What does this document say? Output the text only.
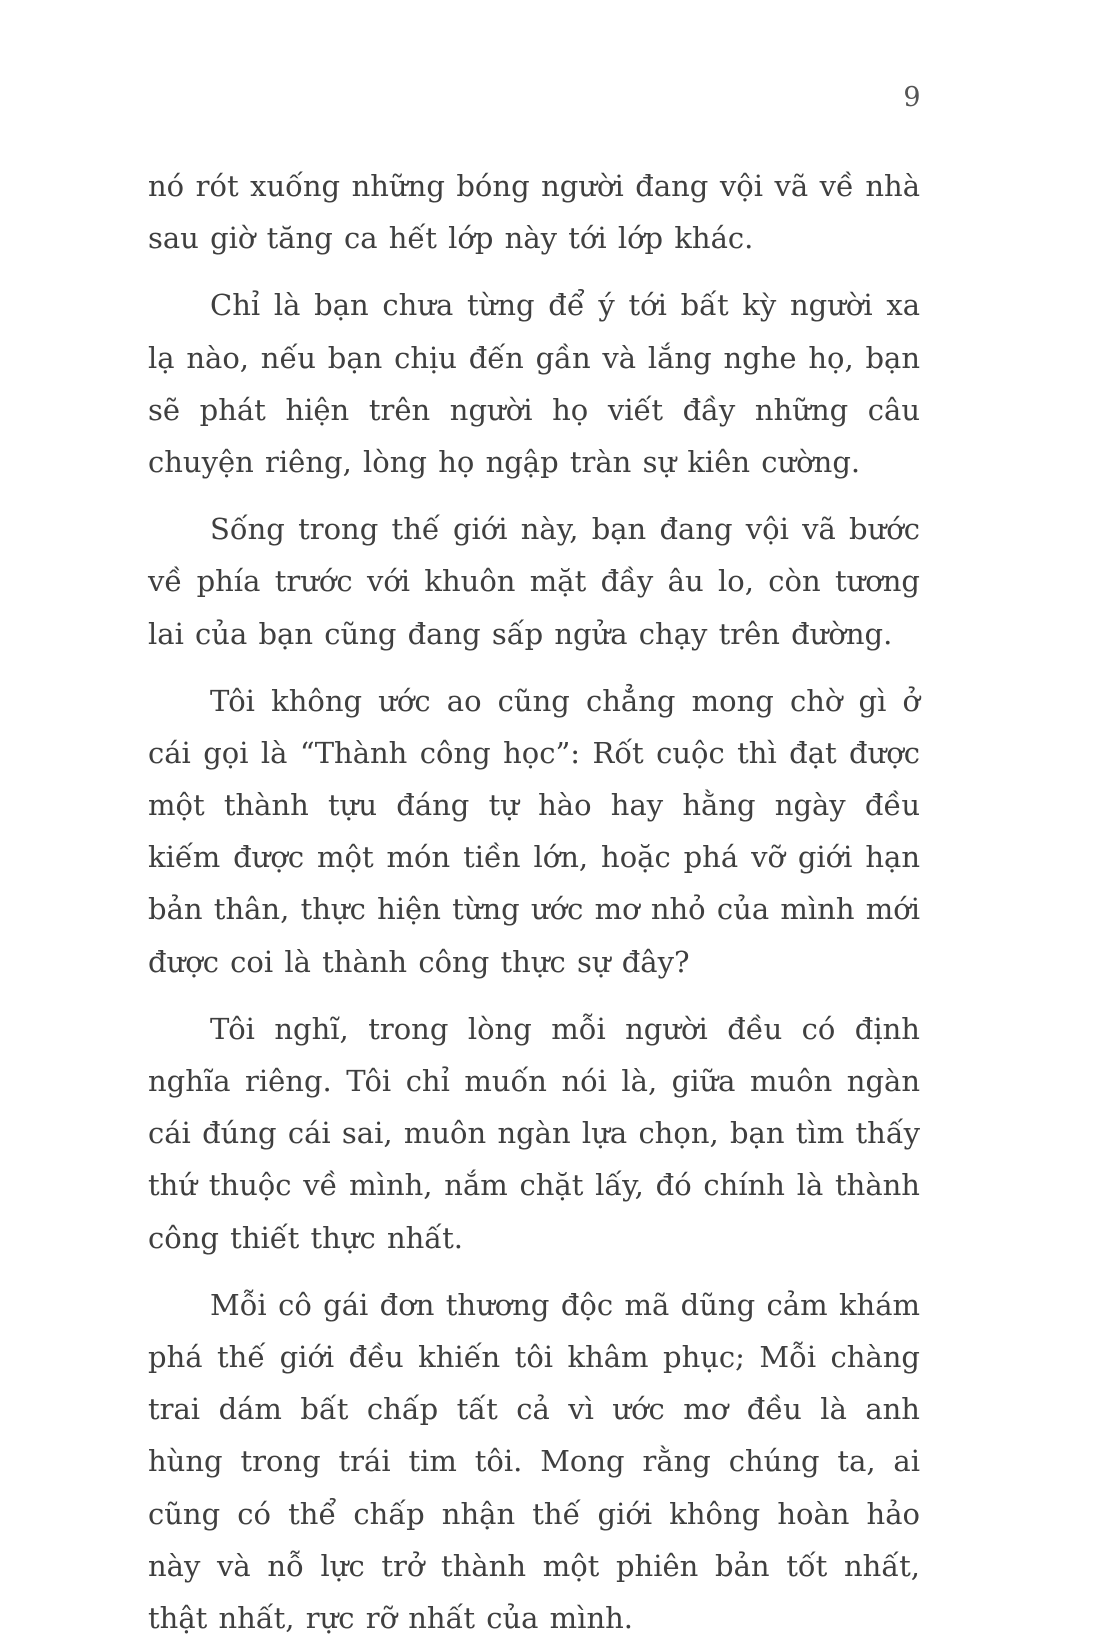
9

nó rót xuống những bóng người đang vội vã về nhà sau giờ tăng ca hết lớp này tới lớp khác.

Chỉ là bạn chưa từng để ý tới bất kỳ người xa lạ nào, nếu bạn chịu đến gần và lắng nghe họ, bạn sẽ phát hiện trên người họ viết đầy những câu chuyện riêng, lòng họ ngập tràn sự kiên cường.

Sống trong thế giới này, bạn đang vội vã bước về phía trước với khuôn mặt đầy âu lo, còn tương lai của bạn cũng đang sấp ngửa chạy trên đường.

Tôi không ước ao cũng chẳng mong chờ gì ở cái gọi là “Thành công học”: Rốt cuộc thì đạt được một thành tựu đáng tự hào hay hằng ngày đều kiếm được một món tiền lớn, hoặc phá vỡ giới hạn bản thân, thực hiện từng ước mơ nhỏ của mình mới được coi là thành công thực sự đây?

Tôi nghĩ, trong lòng mỗi người đều có định nghĩa riêng. Tôi chỉ muốn nói là, giữa muôn ngàn cái đúng cái sai, muôn ngàn lựa chọn, bạn tìm thấy thứ thuộc về mình, nắm chặt lấy, đó chính là thành công thiết thực nhất.

Mỗi cô gái đơn thương độc mã dũng cảm khám phá thế giới đều khiến tôi khâm phục; Mỗi chàng trai dám bất chấp tất cả vì ước mơ đều là anh hùng trong trái tim tôi. Mong rằng chúng ta, ai cũng có thể chấp nhận thế giới không hoàn hảo này và nỗ lực trở thành một phiên bản tốt nhất, thật nhất, rực rỡ nhất của mình.
